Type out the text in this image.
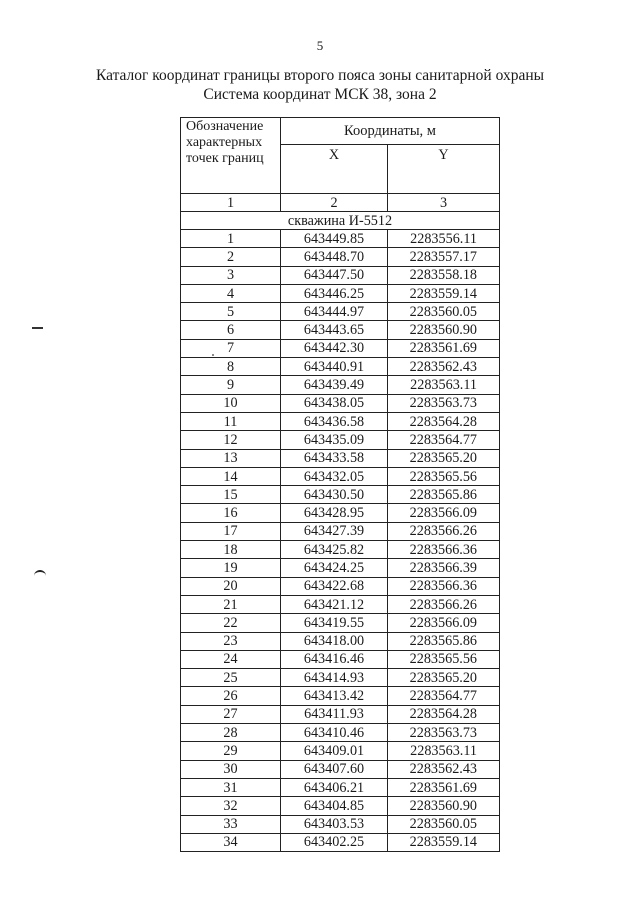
5
Каталог координат границы второго пояса зоны санитарной охраны
Система координат МСК 38, зона 2
Обозначение характерных точек границ	Координаты, м	
	X	Y
1	2	3
скважина И-5512		
1	643449.85	2283556.11
2	643448.70	2283557.17
3	643447.50	2283558.18
4	643446.25	2283559.14
5	643444.97	2283560.05
6	643443.65	2283560.90
7	643442.30	2283561.69
8	643440.91	2283562.43
9	643439.49	2283563.11
10	643438.05	2283563.73
11	643436.58	2283564.28
12	643435.09	2283564.77
13	643433.58	2283565.20
14	643432.05	2283565.56
15	643430.50	2283565.86
16	643428.95	2283566.09
17	643427.39	2283566.26
18	643425.82	2283566.36
19	643424.25	2283566.39
20	643422.68	2283566.36
21	643421.12	2283566.26
22	643419.55	2283566.09
23	643418.00	2283565.86
24	643416.46	2283565.56
25	643414.93	2283565.20
26	643413.42	2283564.77
27	643411.93	2283564.28
28	643410.46	2283563.73
29	643409.01	2283563.11
30	643407.60	2283562.43
31	643406.21	2283561.69
32	643404.85	2283560.90
33	643403.53	2283560.05
34	643402.25	2283559.14
